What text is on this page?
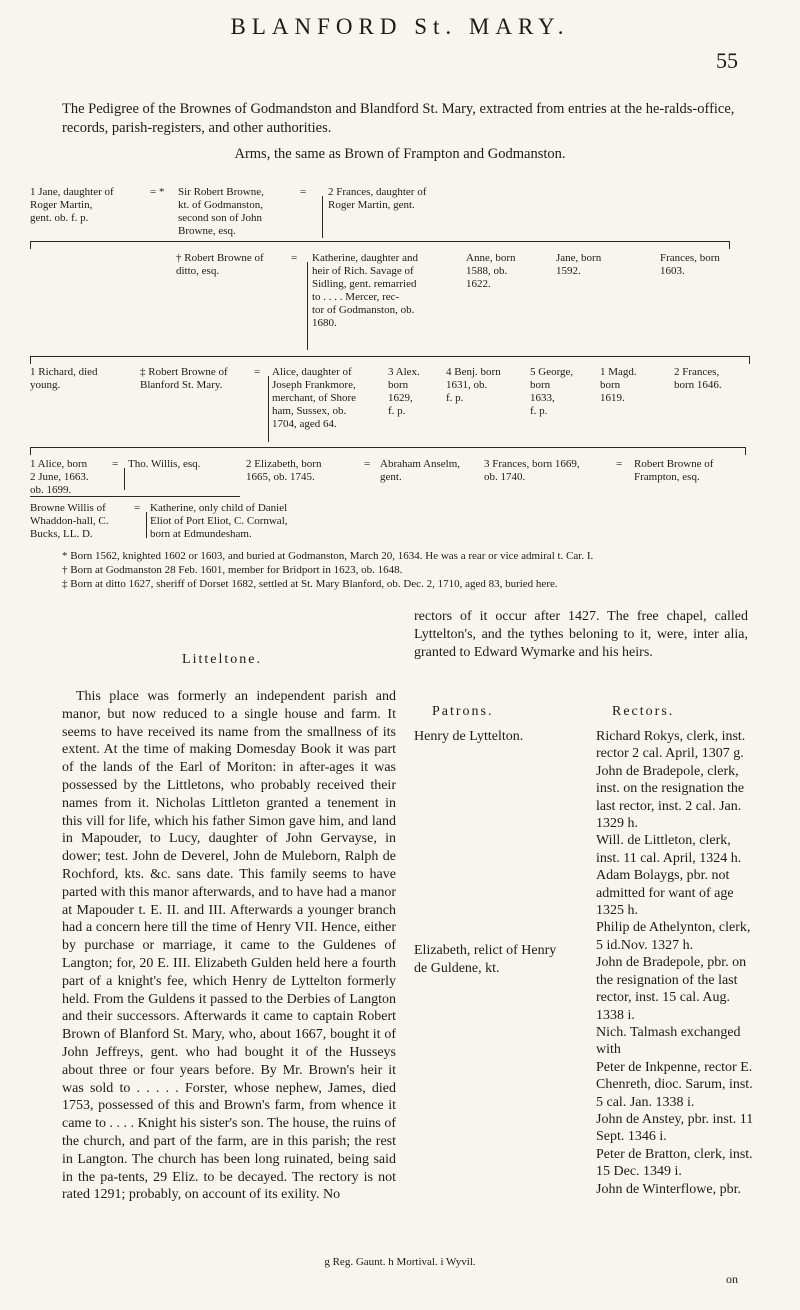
BLANFORD St. MARY.
55
The Pedigree of the Brownes of Godmandston and Blandford St. Mary, extracted from entries at the he-ralds-office, records, parish-registers, and other authorities.
Arms, the same as Brown of Frampton and Godmanston.
1 Jane, daughter of
Roger Martin,
gent. ob. f. p.
= * Sir Robert Browne,
kt. of Godmanston,
second son of John
Browne, esq.
= 2 Frances, daughter of
Roger Martin, gent.
† Robert Browne of
ditto, esq.
= Katherine, daughter and
heir of Rich. Savage of
Sidling, gent. remarried
to . . . . Mercer, rec-
tor of Godmanston, ob.
1680.
Anne, born
1588, ob.
1622.
Jane, born
1592.
Frances, born
1603.
1 Richard, died
young.
‡ Robert Browne of
Blanford St. Mary.
= Alice, daughter of
Joseph Frankmore,
merchant, of Shore
ham, Sussex, ob.
1704, aged 64.
3 Alex.
born
1629,
f. p.
4 Benj. born
1631, ob.
f. p.
5 George,
born
1633,
f. p.
1 Magd.
born
1619.
2 Frances,
born 1646.
1 Alice, born
2 June, 1663.
ob. 1699.
= Tho. Willis, esq.	2 Elizabeth, born
1665, ob. 1745.
= Abraham Anselm,
gent.
3 Frances, born 1669,
ob. 1740.
= Robert Browne of
Frampton, esq.
Browne Willis of
Whaddon-hall, C.
Bucks, LL. D.
= Katherine, only child of Daniel
Eliot of Port Eliot, C. Cornwal,
born at Edmundesham.
* Born 1562, knighted 1602 or 1603, and buried at Godmanston, March 20, 1634. He was a rear or vice admiral t. Car. I.
† Born at Godmanston 28 Feb. 1601, member for Bridport in 1623, ob. 1648.
‡ Born at ditto 1627, sheriff of Dorset 1682, settled at St. Mary Blanford, ob. Dec. 2, 1710, aged 83, buried here.
Litteltone.
This place was formerly an independent parish and manor, but now reduced to a single house and farm. It seems to have received its name from the smallness of its extent. At the time of making Domesday Book it was part of the lands of the Earl of Moriton: in after-ages it was possessed by the Littletons, who probably received their names from it. Nicholas Littleton granted a tenement in this vill for life, which his father Simon gave him, and land in Mapouder, to Lucy, daughter of John Gervayse, in dower; test. John de Deverel, John de Muleborn, Ralph de Rochford, kts. &c. sans date. This family seems to have parted with this manor afterwards, and to have had a manor at Mapouder t. E. II. and III. Afterwards a younger branch had a concern here till the time of Henry VII. Hence, either by purchase or marriage, it came to the Guldenes of Langton; for, 20 E. III. Elizabeth Gulden held here a fourth part of a knight's fee, which Henry de Lyttelton formerly held. From the Guldens it passed to the Derbies of Langton and their successors. Afterwards it came to captain Robert Brown of Blanford St. Mary, who, about 1667, bought it of John Jeffreys, gent. who had bought it of the Husseys about three or four years before. By Mr. Brown's heir it was sold to . . . . . Forster, whose nephew, James, died 1753, possessed of this and Brown's farm, from whence it came to . . . . Knight his sister's son. The house, the ruins of the church, and part of the farm, are in this parish; the rest in Langton. The church has been long ruinated, being said in the pa-tents, 29 Eliz. to be decayed. The rectory is not rated 1291; probably, on account of its exility. No
rectors of it occur after 1427. The free chapel, called Lyttelton's, and the tythes beloning to it, were, inter alia, granted to Edward Wymarke and his heirs.
Patrons.	Rectors.
Henry de Lyttelton.
Elizabeth, relict of Henry
de Guldene, kt.
Richard Rokys, clerk, inst. rector 2 cal. April, 1307 g.
John de Bradepole, clerk, inst. on the resignation the last rector, inst. 2 cal. Jan. 1329 h.
Will. de Littleton, clerk, inst. 11 cal. April, 1324 h.
Adam Bolaygs, pbr. not admitted for want of age 1325 h.
Philip de Athelynton, clerk, 5 id.Nov. 1327 h.
John de Bradepole, pbr. on the resignation of the last rector, inst. 15 cal. Aug. 1338 i.
Nich. Talmash exchanged with
Peter de Inkpenne, rector E. Chenreth, dioc. Sarum, inst. 5 cal. Jan. 1338 i.
John de Anstey, pbr. inst. 11 Sept. 1346 i.
Peter de Bratton, clerk, inst. 15 Dec. 1349 i.
John de Winterflowe, pbr.
g Reg. Gaunt. h Mortival. i Wyvil.
on
